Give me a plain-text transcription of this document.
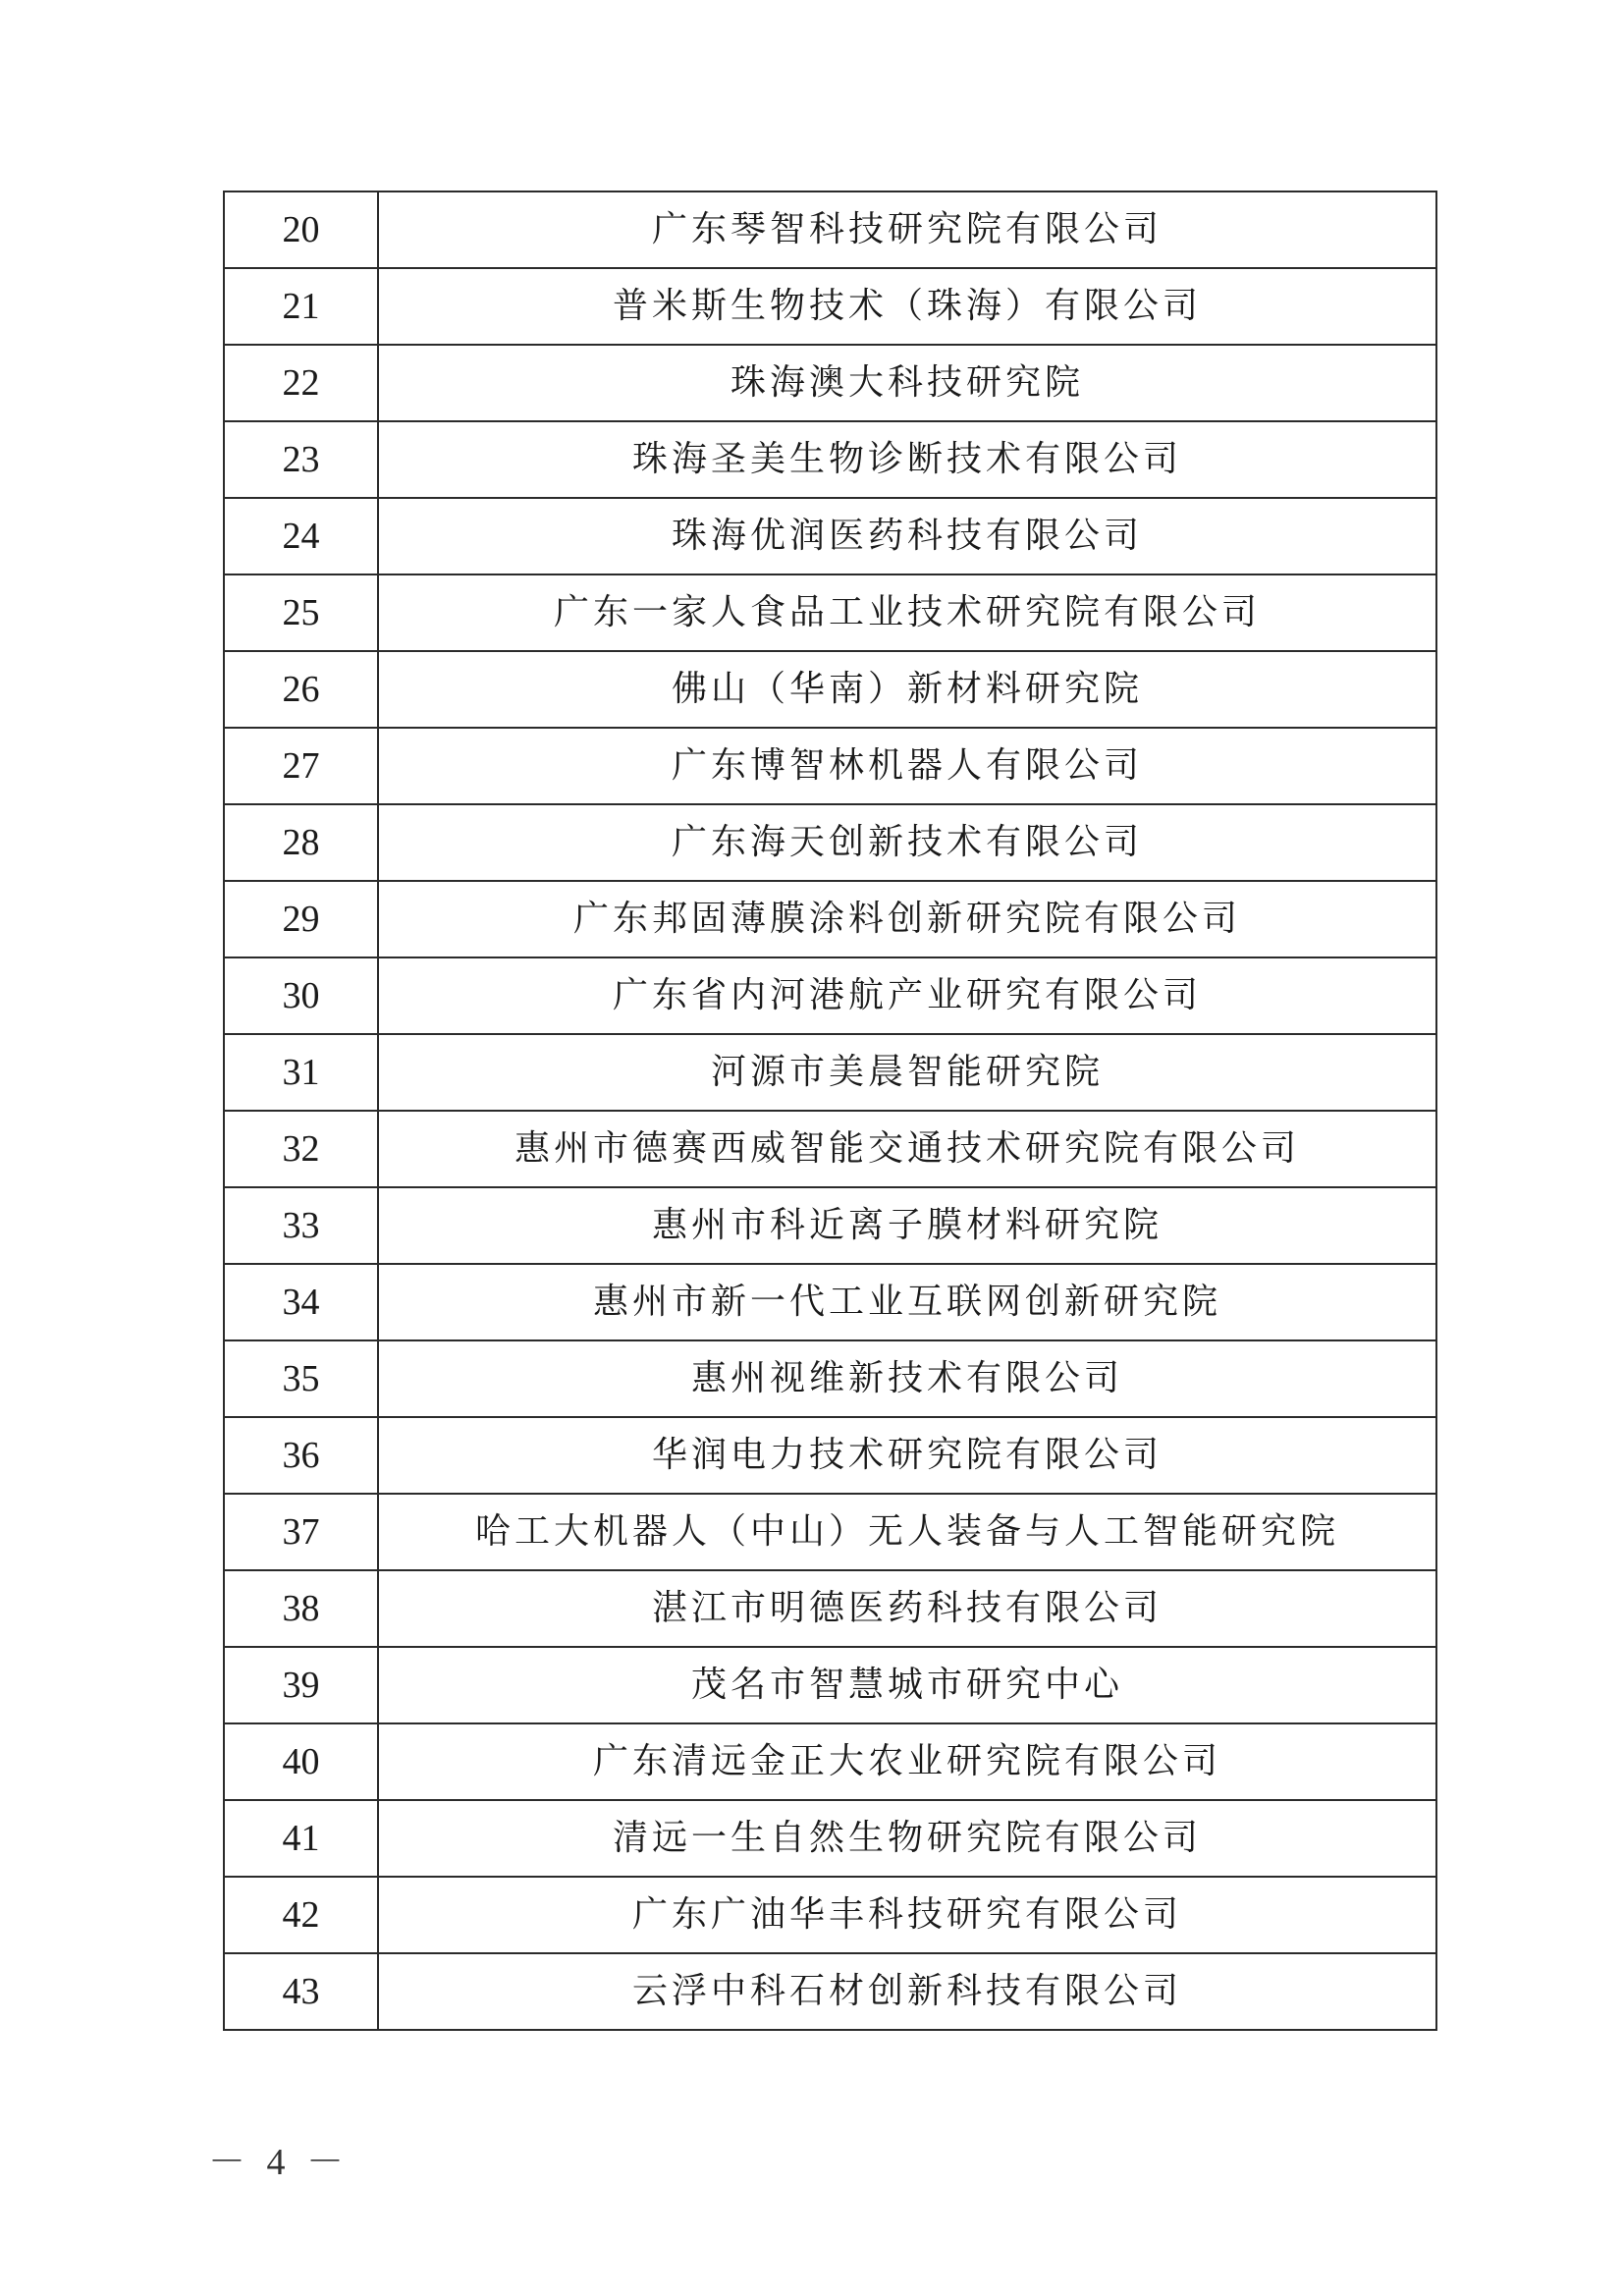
20	广东琴智科技研究院有限公司
21	普米斯生物技术（珠海）有限公司
22	珠海澳大科技研究院
23	珠海圣美生物诊断技术有限公司
24	珠海优润医药科技有限公司
25	广东一家人食品工业技术研究院有限公司
26	佛山（华南）新材料研究院
27	广东博智林机器人有限公司
28	广东海天创新技术有限公司
29	广东邦固薄膜涂料创新研究院有限公司
30	广东省内河港航产业研究有限公司
31	河源市美晨智能研究院
32	惠州市德赛西威智能交通技术研究院有限公司
33	惠州市科近离子膜材料研究院
34	惠州市新一代工业互联网创新研究院
35	惠州视维新技术有限公司
36	华润电力技术研究院有限公司
37	哈工大机器人（中山）无人装备与人工智能研究院
38	湛江市明德医药科技有限公司
39	茂名市智慧城市研究中心
40	广东清远金正大农业研究院有限公司
41	清远一生自然生物研究院有限公司
42	广东广油华丰科技研究有限公司
43	云浮中科石材创新科技有限公司
－ 4 －
